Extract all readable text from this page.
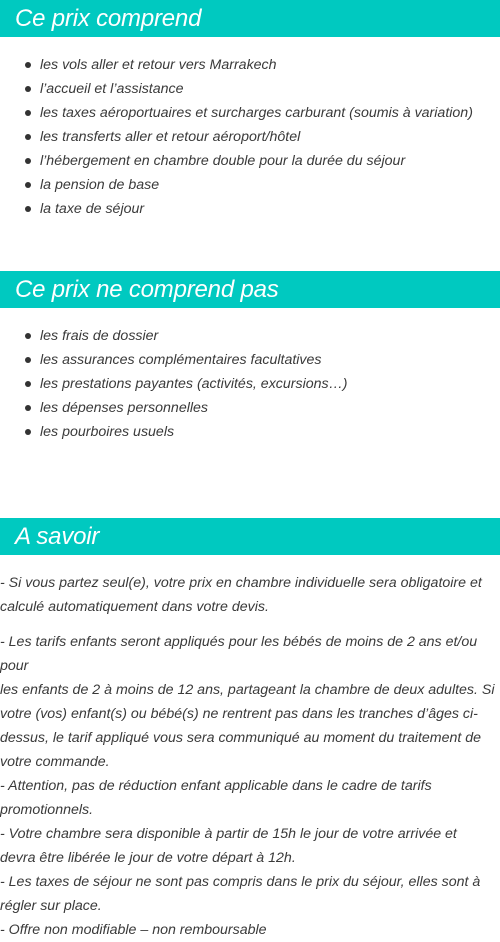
Ce prix comprend
les vols aller et retour vers Marrakech
l’accueil et l’assistance
les taxes aéroportuaires et surcharges carburant (soumis à variation)
les transferts aller et retour aéroport/hôtel
l’hébergement en chambre double pour la durée du séjour
la pension de base
la taxe de séjour
Ce prix ne comprend pas
les frais de dossier
les assurances complémentaires facultatives
les prestations payantes (activités, excursions…)
les dépenses personnelles
les pourboires usuels
A savoir

- Si vous partez seul(e), votre prix en chambre individuelle sera obligatoire et

calculé automatiquement dans votre devis.

- Les tarifs enfants seront appliqués pour les bébés de moins de 2 ans et/ou pour

les enfants de 2 à moins de 12 ans, partageant la chambre de deux adultes. Si

votre (vos) enfant(s) ou bébé(s) ne rentrent pas dans les tranches d’âges ci-

dessus, le tarif appliqué vous sera communiqué au moment du traitement de

votre commande.

- Attention, pas de réduction enfant applicable dans le cadre de tarifs

promotionnels.

- Votre chambre sera disponible à partir de 15h le jour de votre arrivée et

devra être libérée le jour de votre départ à 12h.

- Les taxes de séjour ne sont pas compris dans le prix du séjour, elles sont à

régler sur place.

- Offre non modifiable – non remboursable
